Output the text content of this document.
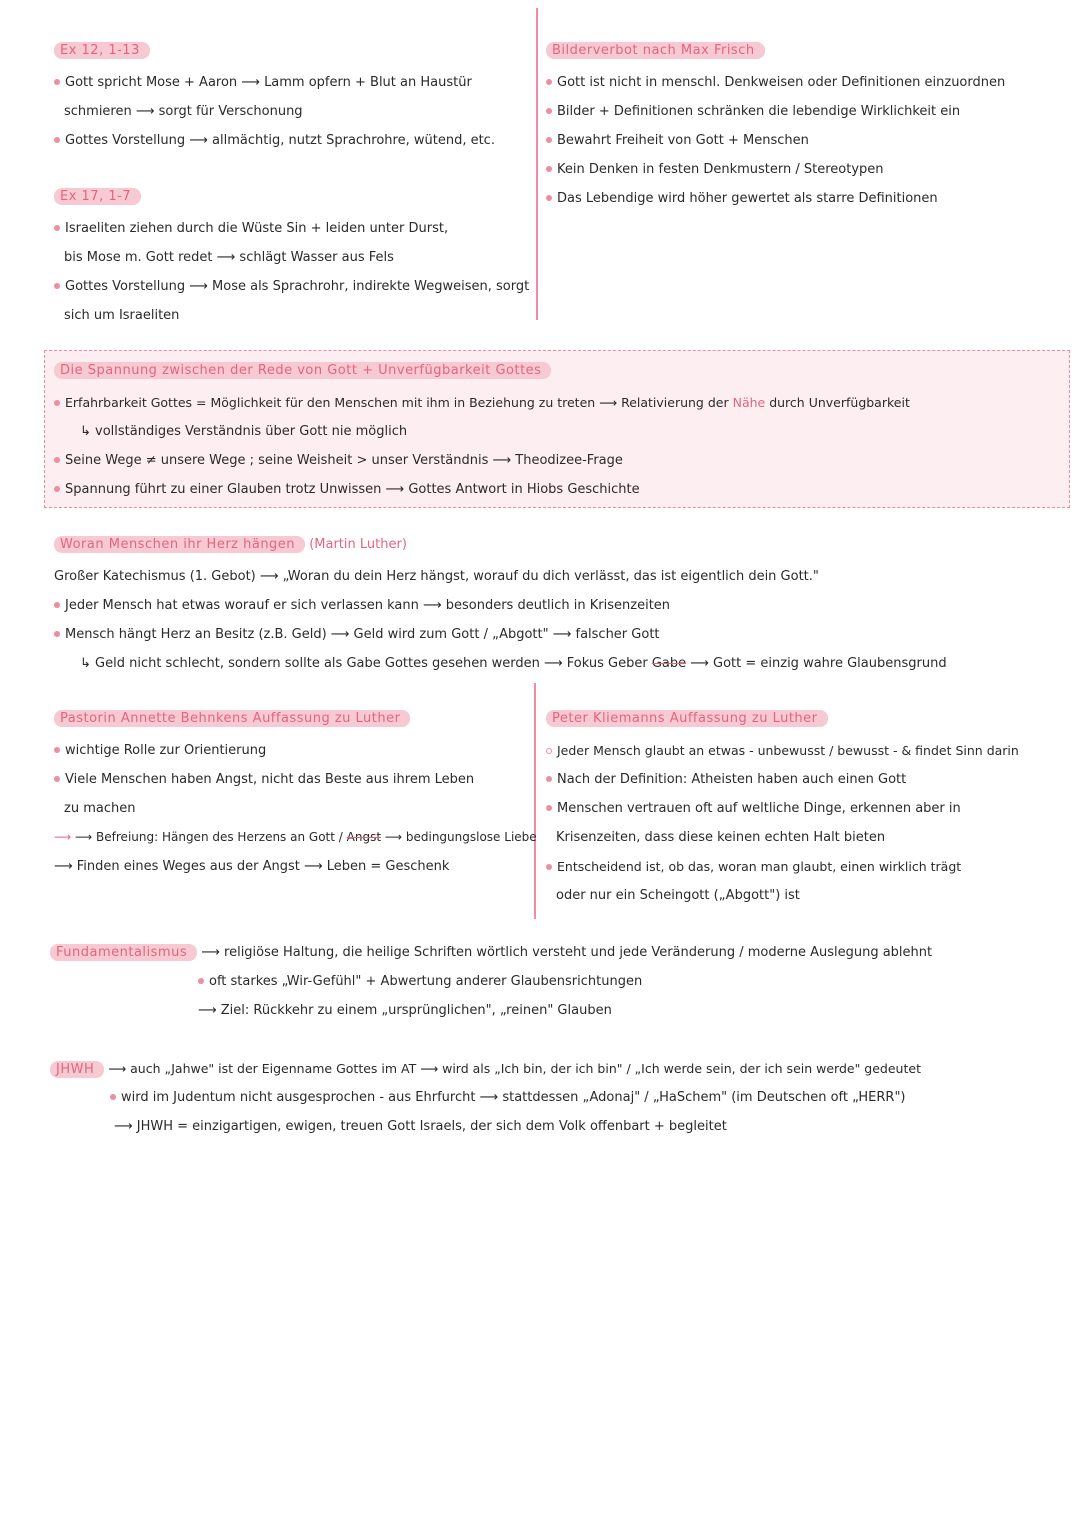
Ex 12, 1-13
Gott spricht Mose + Aaron ⟶ Lamm opfern + Blut an Haustür
schmieren ⟶ sorgt für Verschonung
Gottes Vorstellung ⟶ allmächtig, nutzt Sprachrohre, wütend, etc.
Ex 17, 1-7
Israeliten ziehen durch die Wüste Sin + leiden unter Durst,
bis Mose m. Gott redet ⟶ schlägt Wasser aus Fels
Gottes Vorstellung ⟶ Mose als Sprachrohr, indirekte Wegweisen, sorgt
sich um Israeliten
Bilderverbot nach Max Frisch
Gott ist nicht in menschl. Denkweisen oder Definitionen einzuordnen
Bilder + Definitionen schränken die lebendige Wirklichkeit ein
Bewahrt Freiheit von Gott + Menschen
Kein Denken in festen Denkmustern / Stereotypen
Das Lebendige wird höher gewertet als starre Definitionen
Die Spannung zwischen der Rede von Gott + Unverfügbarkeit Gottes
Erfahrbarkeit Gottes = Möglichkeit für den Menschen mit ihm in Beziehung zu treten ⟶ Relativierung der Nähe durch Unverfügbarkeit
↳ vollständiges Verständnis über Gott nie möglich
Seine Wege ≠ unsere Wege ; seine Weisheit > unser Verständnis ⟶ Theodizee-Frage
Spannung führt zu einer Glauben trotz Unwissen ⟶ Gottes Antwort in Hiobs Geschichte
Woran Menschen ihr Herz hängen (Martin Luther)
Großer Katechismus (1. Gebot) ⟶ „Woran du dein Herz hängst, worauf du dich verlässt, das ist eigentlich dein Gott."
Jeder Mensch hat etwas worauf er sich verlassen kann ⟶ besonders deutlich in Krisenzeiten
Mensch hängt Herz an Besitz (z.B. Geld) ⟶ Geld wird zum Gott / „Abgott" ⟶ falscher Gott
↳ Geld nicht schlecht, sondern sollte als Gabe Gottes gesehen werden ⟶ Fokus Geber Gabe ⟶ Gott = einzig wahre Glaubensgrund
Pastorin Annette Behnkens Auffassung zu Luther
wichtige Rolle zur Orientierung
Viele Menschen haben Angst, nicht das Beste aus ihrem Leben
zu machen
⟶ ⟶ Befreiung: Hängen des Herzens an Gott / Angst ⟶ bedingungslose Liebe
⟶ Finden eines Weges aus der Angst ⟶ Leben = Geschenk
Peter Kliemanns Auffassung zu Luther
Jeder Mensch glaubt an etwas - unbewusst / bewusst - & findet Sinn darin
Nach der Definition: Atheisten haben auch einen Gott
Menschen vertrauen oft auf weltliche Dinge, erkennen aber in
Krisenzeiten, dass diese keinen echten Halt bieten
Entscheidend ist, ob das, woran man glaubt, einen wirklich trägt
oder nur ein Scheingott („Abgott") ist
Fundamentalismus ⟶ religiöse Haltung, die heilige Schriften wörtlich versteht und jede Veränderung / moderne Auslegung ablehnt
oft starkes „Wir-Gefühl" + Abwertung anderer Glaubensrichtungen
⟶ Ziel: Rückkehr zu einem „ursprünglichen", „reinen" Glauben
JHWH ⟶ auch „Jahwe" ist der Eigenname Gottes im AT ⟶ wird als „Ich bin, der ich bin" / „Ich werde sein, der ich sein werde" gedeutet
wird im Judentum nicht ausgesprochen - aus Ehrfurcht ⟶ stattdessen „Adonaj" / „HaSchem" (im Deutschen oft „HERR")
⟶ JHWH = einzigartigen, ewigen, treuen Gott Israels, der sich dem Volk offenbart + begleitet
